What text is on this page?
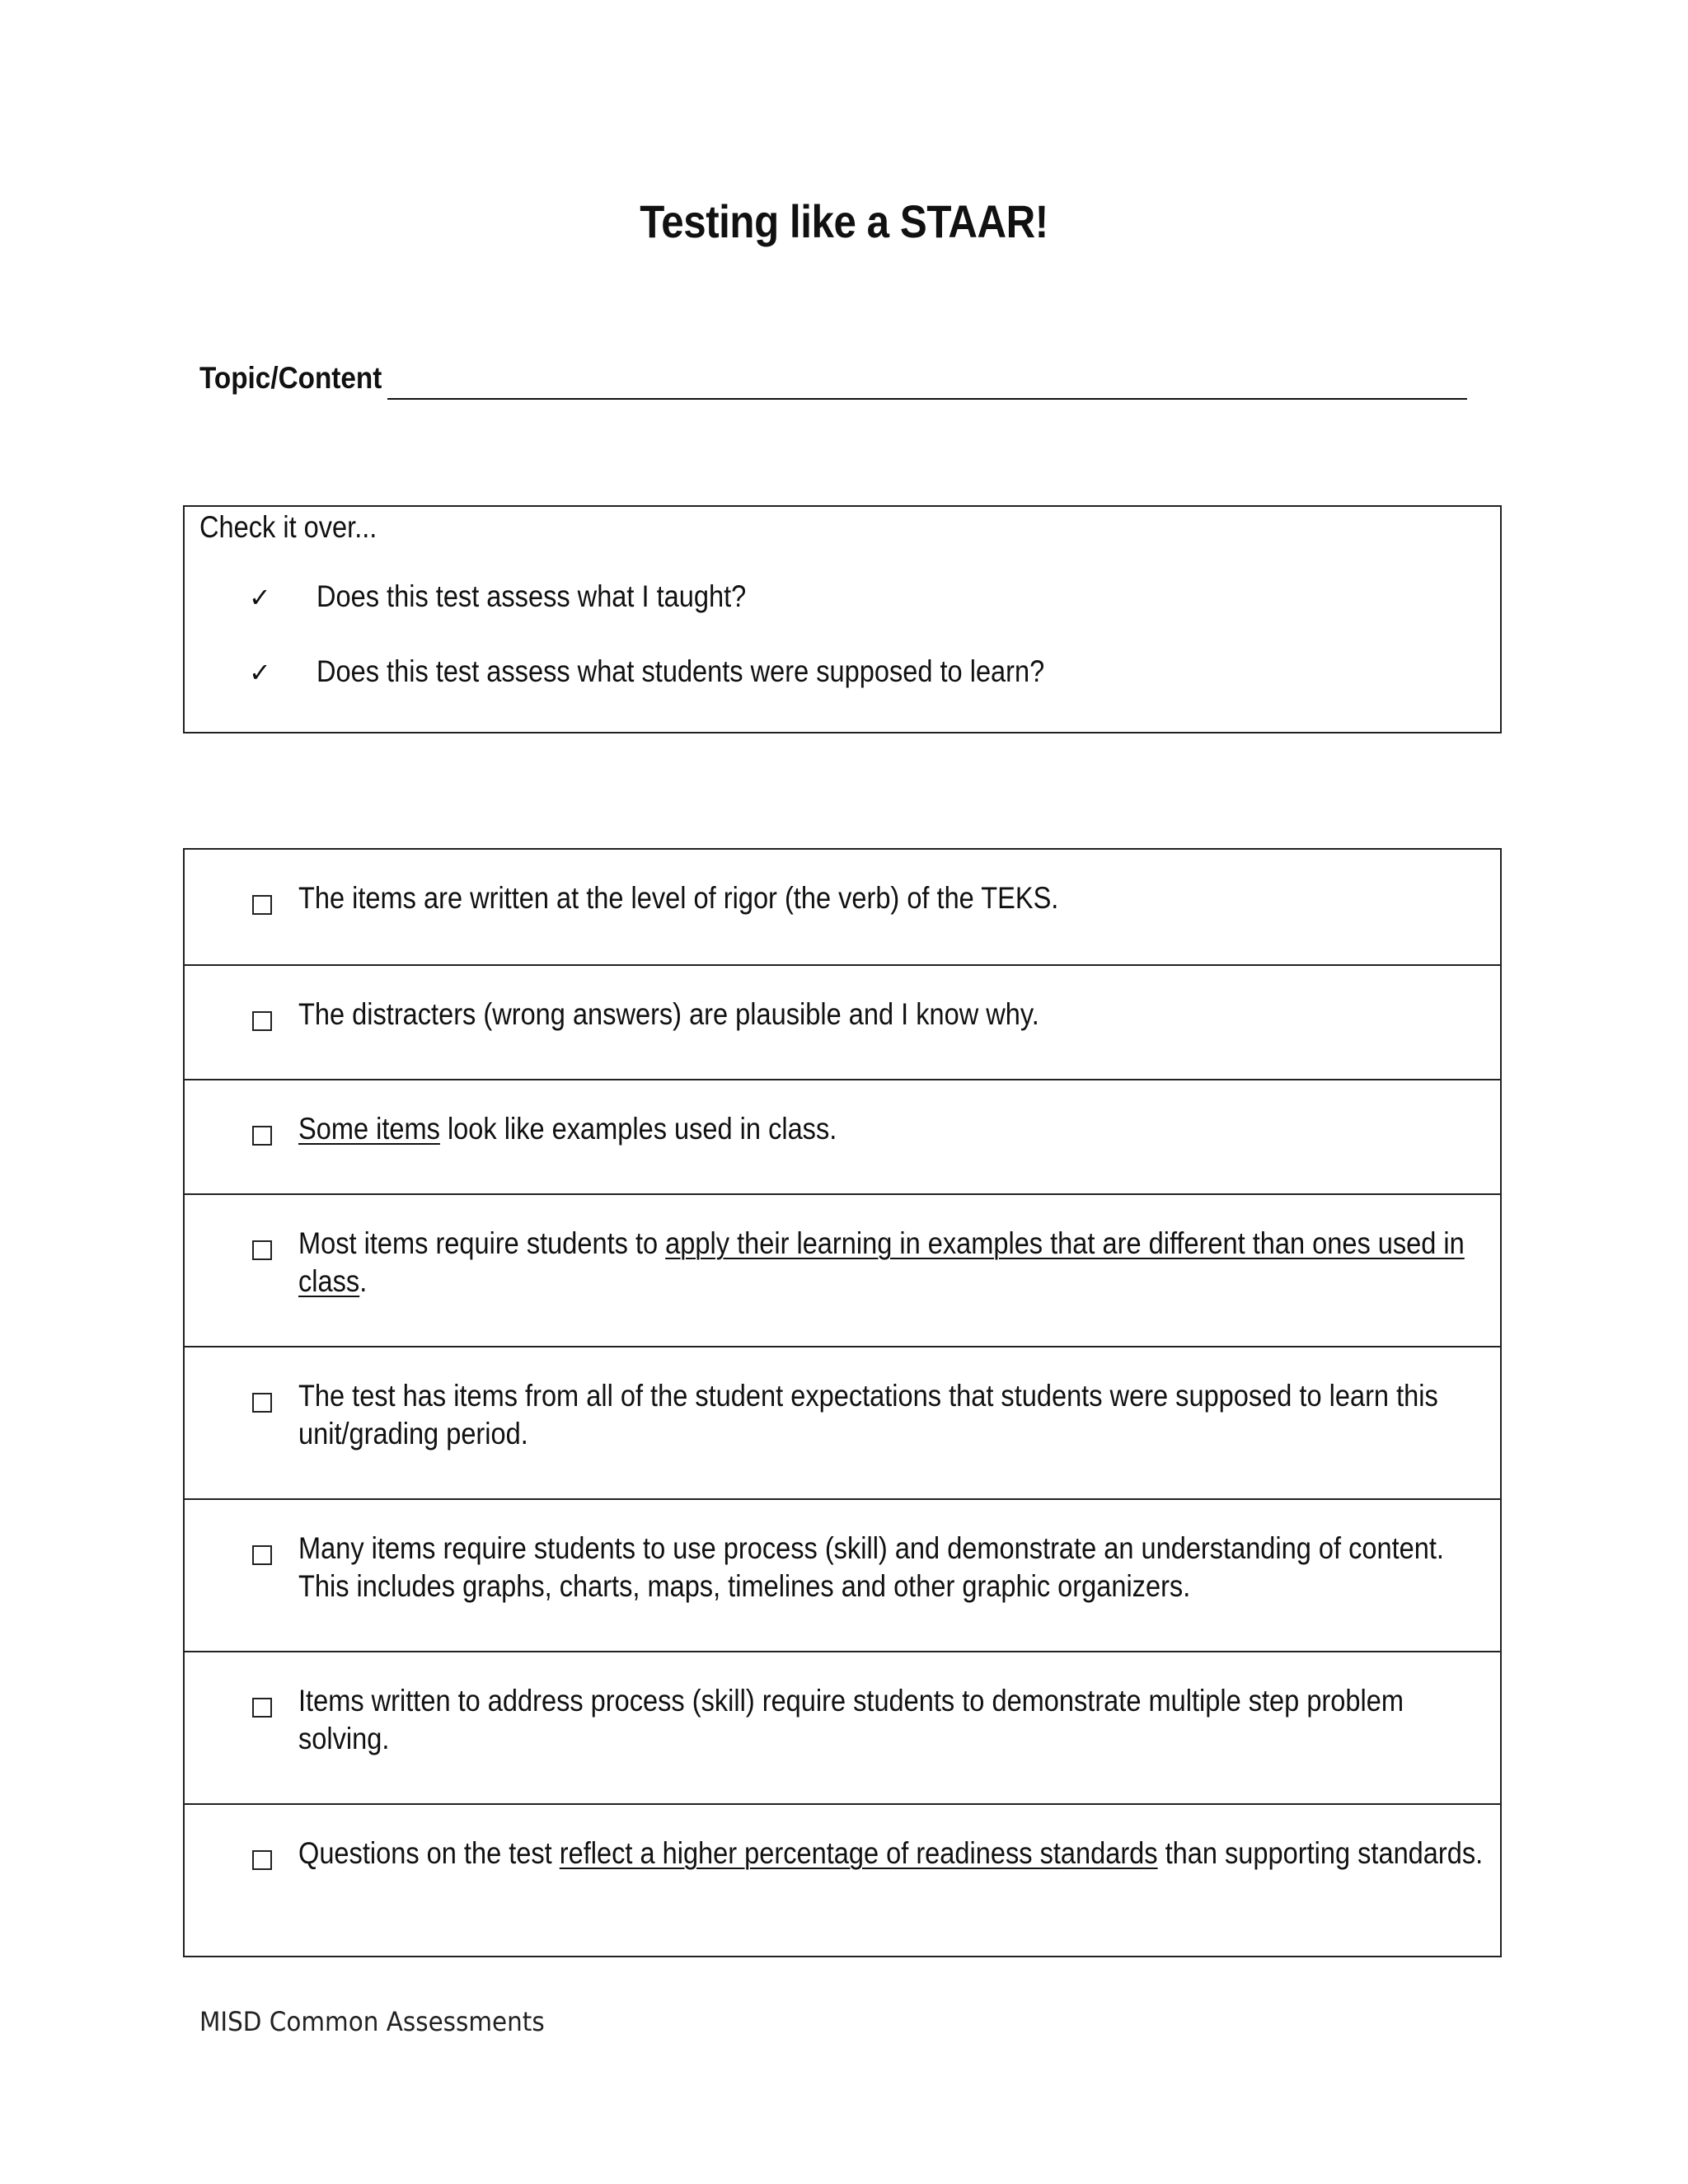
Testing like a STAAR!
Topic/Content
Check it over...
✓ Does this test assess what I taught?
✓ Does this test assess what students were supposed to learn?
The items are written at the level of rigor (the verb) of the TEKS.
The distracters (wrong answers) are plausible and I know why.
Some items look like examples used in class.
Most items require students to apply their learning in examples that are different than ones used in class.
The test has items from all of the student expectations that students were supposed to learn this unit/grading period.
Many items require students to use process (skill) and demonstrate an understanding of content. This includes graphs, charts, maps, timelines and other graphic organizers.
Items written to address process (skill) require students to demonstrate multiple step problem solving.
Questions on the test reflect a higher percentage of readiness standards than supporting standards.
MISD Common Assessments
